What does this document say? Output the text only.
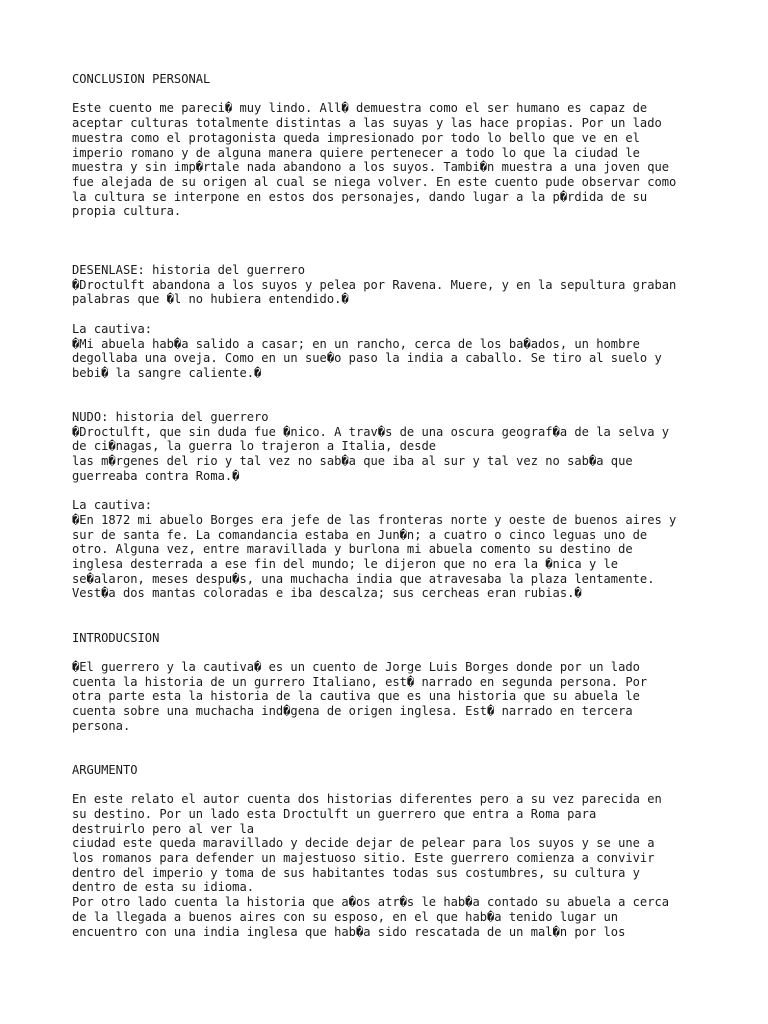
CONCLUSION PERSONAL

Este cuento me pareci� muy lindo. All� demuestra como el ser humano es capaz de

aceptar culturas totalmente distintas a las suyas y las hace propias. Por un lado

muestra como el protagonista queda impresionado por todo lo bello que ve en el

imperio romano y de alguna manera quiere pertenecer a todo lo que la ciudad le

muestra y sin imp�rtale nada abandono a los suyos. Tambi�n muestra a una joven que

fue alejada de su origen al cual se niega volver. En este cuento pude observar como

la cultura se interpone en estos dos personajes, dando lugar a la p�rdida de su

propia cultura.

DESENLASE: historia del guerrero

�Droctulft abandona a los suyos y pelea por Ravena. Muere, y en la sepultura graban

palabras que �l no hubiera entendido.�

La cautiva:

�Mi abuela hab�a salido a casar; en un rancho, cerca de los ba�ados, un hombre

degollaba una oveja. Como en un sue�o paso la india a caballo. Se tiro al suelo y

bebi� la sangre caliente.�

NUDO: historia del guerrero

�Droctulft, que sin duda fue �nico. A trav�s de una oscura geograf�a de la selva y

de ci�nagas, la guerra lo trajeron a Italia, desde

las m�rgenes del rio y tal vez no sab�a que iba al sur y tal vez no sab�a que

guerreaba contra Roma.�

La cautiva:

�En 1872 mi abuelo Borges era jefe de las fronteras norte y oeste de buenos aires y

sur de santa fe. La comandancia estaba en Jun�n; a cuatro o cinco leguas uno de

otro. Alguna vez, entre maravillada y burlona mi abuela comento su destino de

inglesa desterrada a ese fin del mundo; le dijeron que no era la �nica y le

se�alaron, meses despu�s, una muchacha india que atravesaba la plaza lentamente.

Vest�a dos mantas coloradas e iba descalza; sus cercheas eran rubias.�

INTRODUCSION

�El guerrero y la cautiva� es un cuento de Jorge Luis Borges donde por un lado

cuenta la historia de un gurrero Italiano, est� narrado en segunda persona. Por

otra parte esta la historia de la cautiva que es una historia que su abuela le

cuenta sobre una muchacha ind�gena de origen inglesa. Est� narrado en tercera

persona.

ARGUMENTO

En este relato el autor cuenta dos historias diferentes pero a su vez parecida en

su destino. Por un lado esta Droctulft un guerrero que entra a Roma para

destruirlo pero al ver la

ciudad este queda maravillado y decide dejar de pelear para los suyos y se une a

los romanos para defender un majestuoso sitio. Este guerrero comienza a convivir

dentro del imperio y toma de sus habitantes todas sus costumbres, su cultura y

dentro de esta su idioma.

Por otro lado cuenta la historia que a�os atr�s le hab�a contado su abuela a cerca

de la llegada a buenos aires con su esposo, en el que hab�a tenido lugar un

encuentro con una india inglesa que hab�a sido rescatada de un mal�n por los
